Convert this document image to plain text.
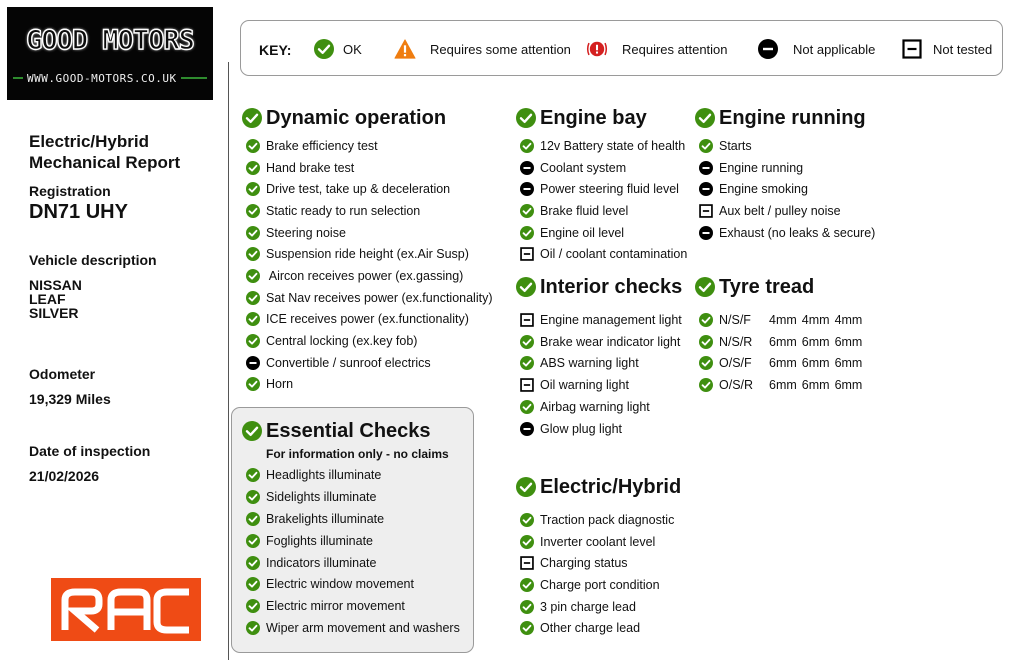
GOOD MOTORS
WWW.GOOD-MOTORS.CO.UK
Electric/Hybrid Mechanical Report
Registration
DN71 UHY
Vehicle description
NISSAN
LEAF
SILVER
Odometer
19,329 Miles
Date of inspection
21/02/2026
KEY:	OK	Requires some attention	Requires attention	Not applicable	Not tested
Dynamic operation
Brake efficiency test
Hand brake test
Drive test, take up & deceleration
Static ready to run selection
Steering noise
Suspension ride height (ex.Air Susp)
Aircon receives power (ex.gassing)
Sat Nav receives power (ex.functionality)
ICE receives power (ex.functionality)
Central locking (ex.key fob)
Convertible / sunroof electrics
Horn
Essential Checks
For information only - no claims
Headlights illuminate
Sidelights illuminate
Brakelights illuminate
Foglights illuminate
Indicators illuminate
Electric window movement
Electric mirror movement
Wiper arm movement and washers
Engine bay
12v Battery state of health
Coolant system
Power steering fluid level
Brake fluid level
Engine oil level
Oil / coolant contamination
Interior checks
Engine management light
Brake wear indicator light
ABS warning light
Oil warning light
Airbag warning light
Glow plug light
Electric/Hybrid
Traction pack diagnostic
Inverter coolant level
Charging status
Charge port condition
3 pin charge lead
Other charge lead
Engine running
Starts
Engine running
Engine smoking
Aux belt / pulley noise
Exhaust (no leaks & secure)
Tyre tread
N/S/F	4mm 4mm 4mm
N/S/R	6mm 6mm 6mm
O/S/F	6mm 6mm 6mm
O/S/R	6mm 6mm 6mm
